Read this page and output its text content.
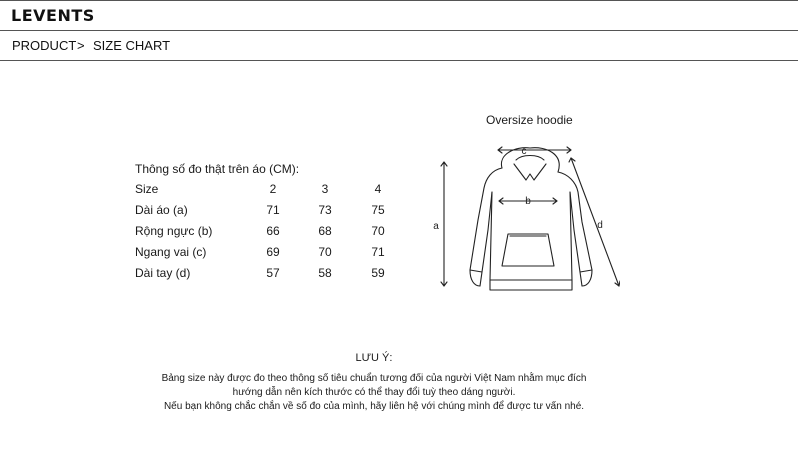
LEVENTS
PRODUCT > SIZE CHART
Thông số đo thật trên áo (CM):
Size	2	3	4
Dài áo (a)	71	73	75
Rộng ngực (b)	66	68	70
Ngang vai (c)	69	70	71
Dài tay (d)	57	58	59
Oversize hoodie
c
a
b
d
LƯU Ý:
Bảng size này được đo theo thông số tiêu chuẩn tương đối của người Việt Nam nhằm mục đích
hướng dẫn nên kích thước có thể thay đổi tuỳ theo dáng người.
Nếu bạn không chắc chắn về số đo của mình, hãy liên hệ với chúng mình để được tư vấn nhé.
